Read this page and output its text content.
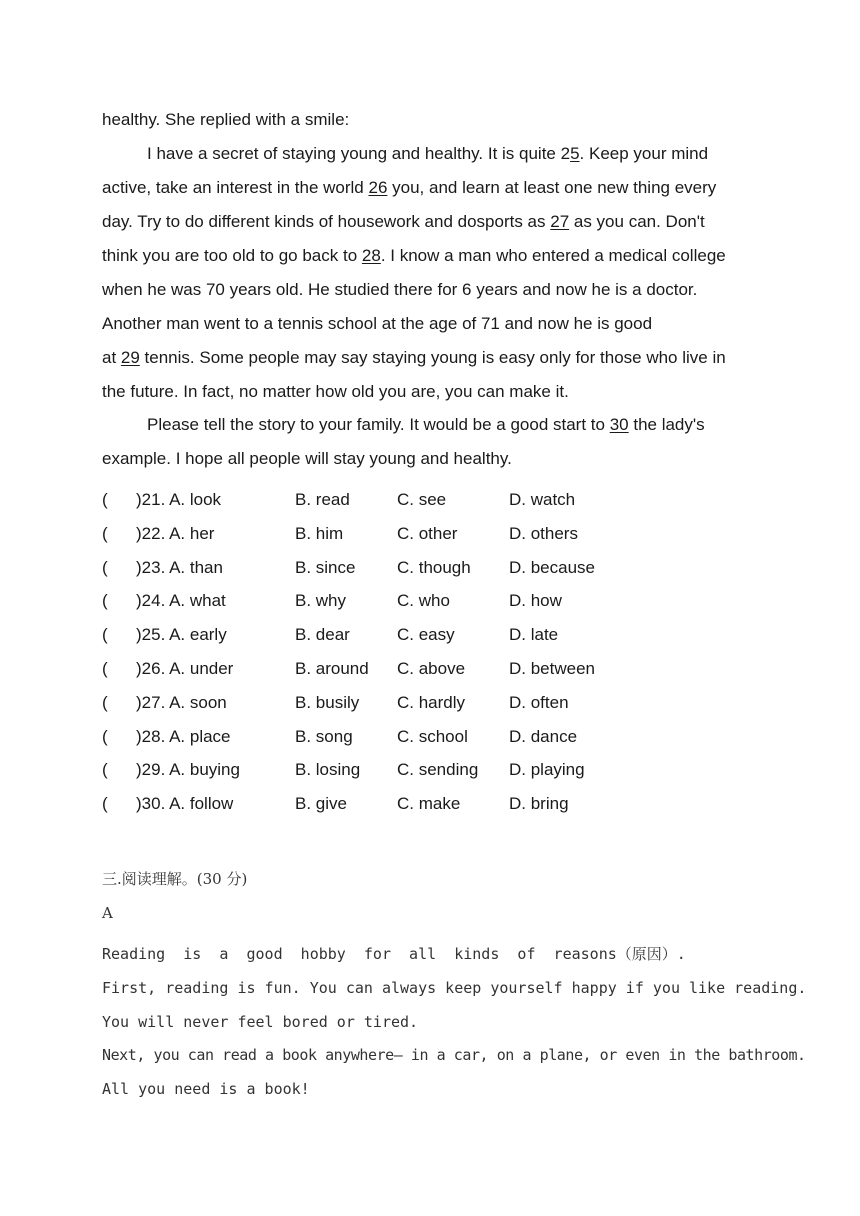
healthy. She replied with a smile:
I have a secret of staying young and healthy. It is quite 25. Keep your mind
active, take an interest in the world 26 you, and learn at least one new thing every
day. Try to do different kinds of housework and dosports as 27 as you can. Don't
think you are too old to go back to 28. I know a man who entered a medical college
when he was 70 years old. He studied there for 6 years and now he is a doctor.
Another man went to a tennis school at the age of 71 and now he is good
at 29 tennis. Some people may say staying young is easy only for those who live in
the future. In fact, no matter how old you are, you can make it.
Please tell the story to your family. It would be a good start to 30 the lady's
example. I hope all people will stay young and healthy.
( )21. A. look	B. read	C. see	D. watch
( )22. A. her	B. him	C. other	D. others
( )23. A. than	B. since C. though D. because
( )24. A. what	B. why	C. who	D. how
( )25. A. early	B. dear	C. easy	D. late
( )26. A. under	B. around C. above	D. between
( )27. A. soon	B. busily C. hardly	D. often
( )28. A. place	B. song	C. school D. dance
( )29. A. buying	B. losing C. sending D. playing
( )30. A. follow	B. give	C. make	D. bring
三.阅读理解。(30 分)
A
Reading  is  a  good  hobby  for  all  kinds  of  reasons（原因）.
First, reading is fun. You can always keep yourself happy if you like reading.
You will never feel bored or tired.
Next, you can read a book anywhere— in a car, on a plane, or even in the bathroom.
All you need is a book!
